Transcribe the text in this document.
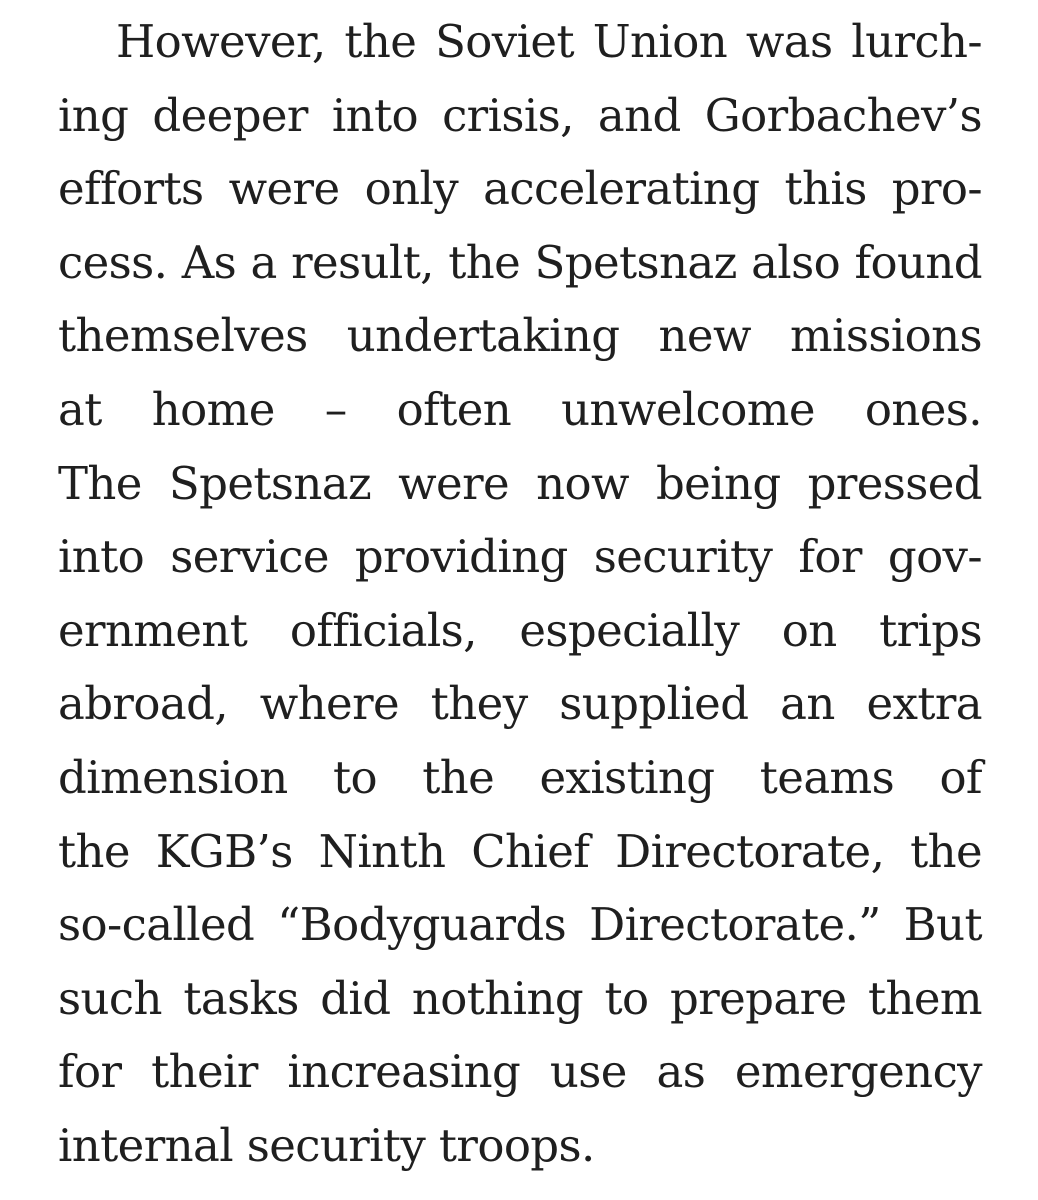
However, the Soviet Union was lurch-
ing deeper into crisis, and Gorbachev’s
efforts were only accelerating this pro-
cess. As a result, the Spetsnaz also found
themselves undertaking new missions
at home – often unwelcome ones.
The Spetsnaz were now being pressed
into service providing security for gov-
ernment officials, especially on trips
abroad, where they supplied an extra
dimension to the existing teams of
the KGB’s Ninth Chief Directorate, the
so-called “Bodyguards Directorate.” But
such tasks did nothing to prepare them
for their increasing use as emergency
internal security troops.
